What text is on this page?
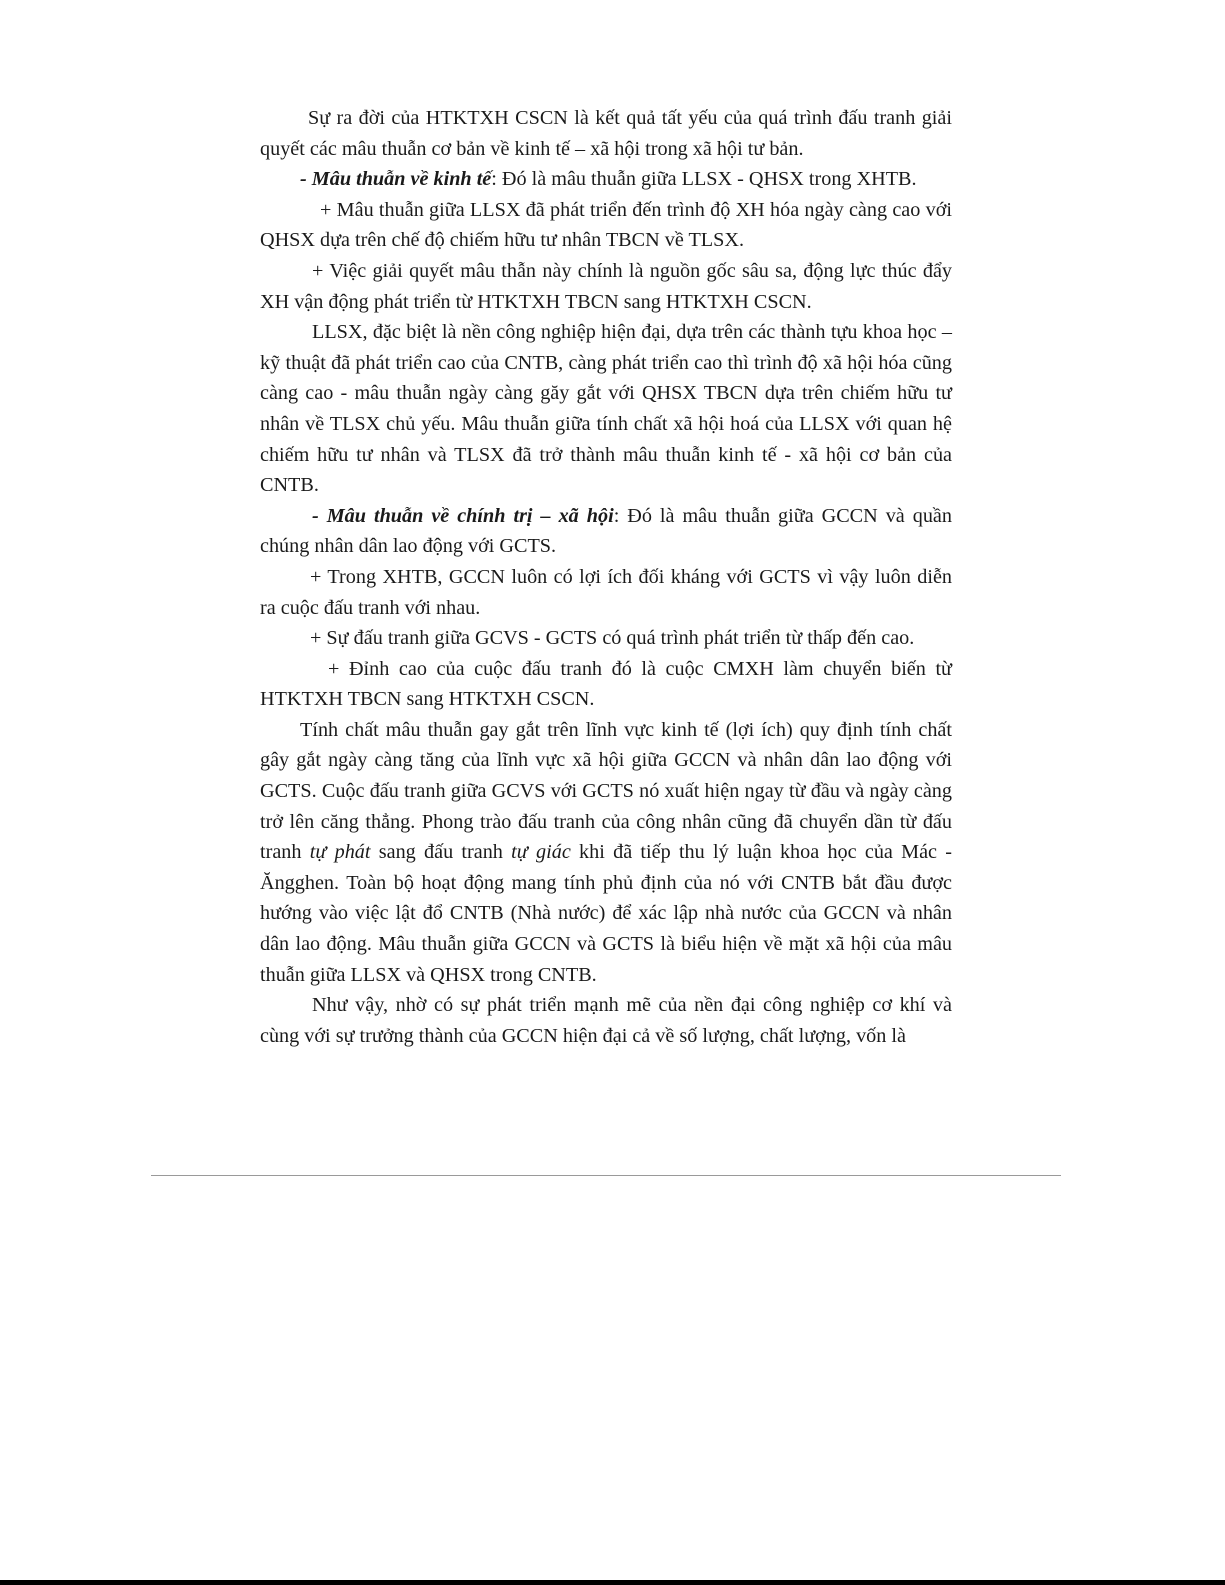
Sự ra đời của HTKTXH CSCN là kết quả tất yếu của quá trình đấu tranh giải quyết các mâu thuẫn cơ bản về kinh tế – xã hội trong xã hội tư bản.

- Mâu thuẫn về kinh tế: Đó là mâu thuẫn giữa LLSX - QHSX trong XHTB.

+ Mâu thuẫn giữa LLSX đã phát triển đến trình độ XH hóa ngày càng cao với QHSX dựa trên chế độ chiếm hữu tư nhân TBCN về TLSX.

+ Việc giải quyết mâu thẫn này chính là nguồn gốc sâu sa, động lực thúc đẩy XH vận động phát triển từ HTKTXH TBCN sang HTKTXH CSCN.

LLSX, đặc biệt là nền công nghiệp hiện đại, dựa trên các thành tựu khoa học – kỹ thuật đã phát triển cao của CNTB, càng phát triển cao thì trình độ xã hội hóa cũng càng cao - mâu thuẫn ngày càng găy gắt với QHSX TBCN dựa trên chiếm hữu tư nhân về TLSX chủ yếu. Mâu thuẫn giữa tính chất xã hội hoá của LLSX với quan hệ chiếm hữu tư nhân và TLSX đã trở thành mâu thuẫn kinh tế - xã hội cơ bản của CNTB.

- Mâu thuẫn về chính trị – xã hội: Đó là mâu thuẫn giữa GCCN và quần chúng nhân dân lao động với GCTS.

+ Trong XHTB, GCCN luôn có lợi ích đối kháng với GCTS vì vậy luôn diễn ra cuộc đấu tranh với nhau.

+ Sự đấu tranh giữa GCVS - GCTS có quá trình phát triển từ thấp đến cao.

+ Đỉnh cao của cuộc đấu tranh đó là cuộc CMXH làm chuyển biến từ HTKTXH TBCN sang HTKTXH CSCN.

Tính chất mâu thuẫn gay gắt trên lĩnh vực kinh tế (lợi ích) quy định tính chất gây gắt ngày càng tăng của lĩnh vực xã hội giữa GCCN và nhân dân lao động với GCTS. Cuộc đấu tranh giữa GCVS với GCTS nó xuất hiện ngay từ đầu và ngày càng trở lên căng thẳng. Phong trào đấu tranh của công nhân cũng đã chuyển dần từ đấu tranh tự phát sang đấu tranh tự giác khi đã tiếp thu lý luận khoa học của Mác - Ăngghen. Toàn bộ hoạt động mang tính phủ định của nó với CNTB bắt đầu được hướng vào việc lật đổ CNTB (Nhà nước) để xác lập nhà nước của GCCN và nhân dân lao động. Mâu thuẫn giữa GCCN và GCTS là biểu hiện về mặt xã hội của mâu thuẫn giữa LLSX và QHSX trong CNTB.

Như vậy, nhờ có sự phát triển mạnh mẽ của nền đại công nghiệp cơ khí và cùng với sự trưởng thành của GCCN hiện đại cả về số lượng, chất lượng, vốn là
